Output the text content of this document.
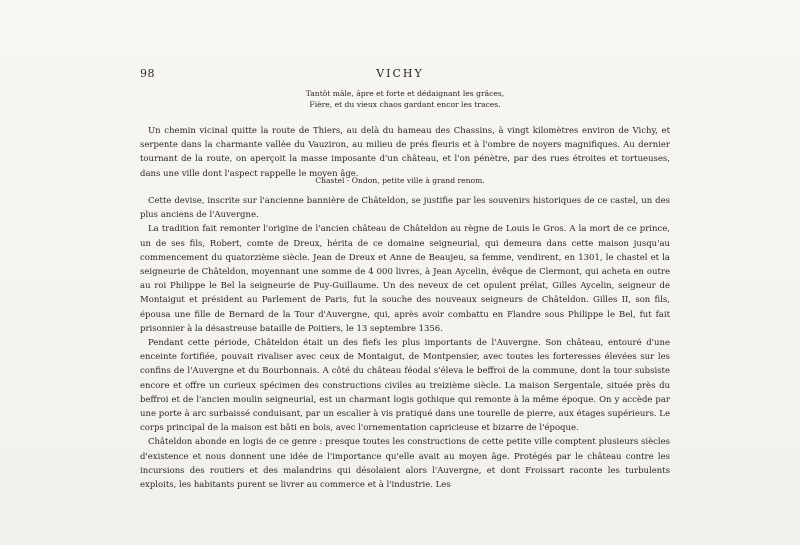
98	VICHY
Tantôt mâle, âpre et forte et dédaignant les grâces,
Fière, et du vieux chaos gardant encor les traces.

Un chemin vicinal quitte la route de Thiers, au delà du hameau des Chassins, à vingt kilomètres environ de Vichy, et serpente dans la charmante vallée du Vauziron, au milieu de prés fleuris et à l'ombre de noyers magnifiques. Au dernier tournant de la route, on aperçoit la masse imposante d'un château, et l'on pénètre, par des rues étroites et tortueuses, dans une ville dont l'aspect rappelle le moyen âge.

Chastel - Ondon, petite ville à grand renom.

Cette devise, inscrite sur l'ancienne bannière de Châteldon, se justifie par les souvenirs historiques de ce castel, un des plus anciens de l'Auvergne.

La tradition fait remonter l'origine de l'ancien château de Châteldon au règne de Louis le Gros. A la mort de ce prince, un de ses fils, Robert, comte de Dreux, hérita de ce domaine seigneurial, qui demeura dans cette maison jusqu'au commencement du quatorzième siècle. Jean de Dreux et Anne de Beaujeu, sa femme, vendirent, en 1301, le chastel et la seigneurie de Châteldon, moyennant une somme de 4 000 livres, à Jean Aycelin, évêque de Clermont, qui acheta en outre au roi Philippe le Bel la seigneurie de Puy-Guillaume. Un des neveux de cet opulent prélat, Gilles Aycelin, seigneur de Montaigut et président au Parlement de Paris, fut la souche des nouveaux seigneurs de Châteldon. Gilles II, son fils, épousa une fille de Bernard de la Tour d'Auvergne, qui, après avoir combattu en Flandre sous Philippe le Bel, fut fait prisonnier à la désastreuse bataille de Poitiers, le 13 septembre 1356.

Pendant cette période, Châteldon était un des fiefs les plus importants de l'Auvergne. Son château, entouré d'une enceinte fortifiée, pouvait rivaliser avec ceux de Montaigut, de Montpensier, avec toutes les forteresses élevées sur les confins de l'Auvergne et du Bourbonnais. A côté du château féodal s'éleva le beffroi de la commune, dont la tour subsiste encore et offre un curieux spécimen des constructions civiles au treizième siècle. La maison Sergentale, située près du beffroi et de l'ancien moulin seigneurial, est un charmant logis gothique qui remonte à la même époque. On y accède par une porte à arc surbaissé conduisant, par un escalier à vis pratiqué dans une tourelle de pierre, aux étages supérieurs. Le corps principal de la maison est bâti en bois, avec l'ornementation capricieuse et bizarre de l'époque.

Châteldon abonde en logis de ce genre : presque toutes les constructions de cette petite ville comptent plusieurs siècles d'existence et nous donnent une idée de l'importance qu'elle avait au moyen âge. Protégés par le château contre les incursions des routiers et des malandrins qui désolaient alors l'Auvergne, et dont Froissart raconte les turbulents exploits, les habitants purent se livrer au commerce et à l'industrie. Les
